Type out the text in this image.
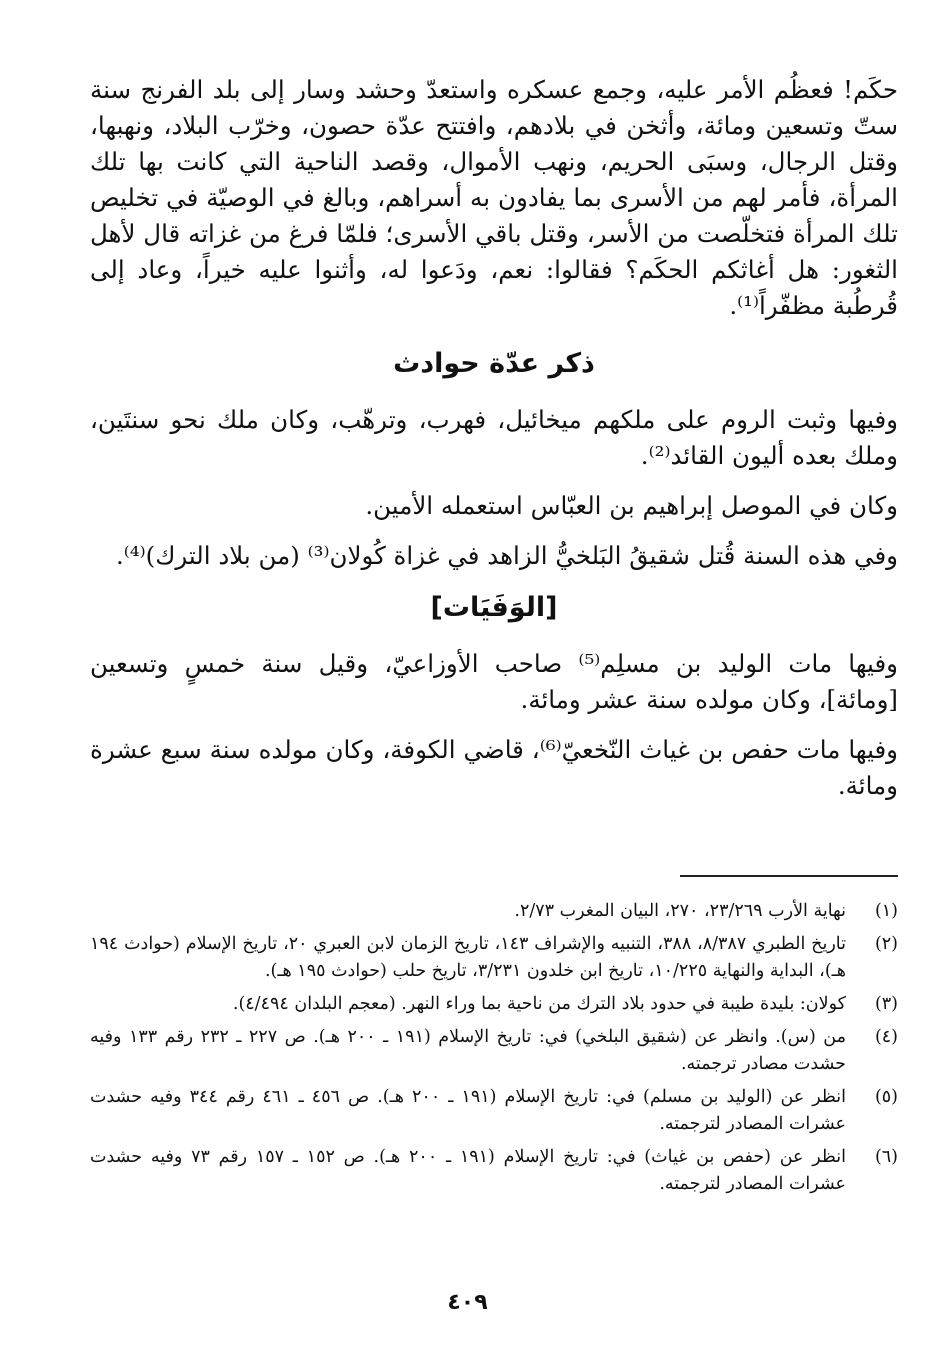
حكَم! فعظُم الأمر عليه، وجمع عسكره واستعدّ وحشد وسار إلى بلد الفرنج سنة ستّ وتسعين ومائة، وأثخن في بلادهم، وافتتح عدّة حصون، وخرّب البلاد، ونهبها، وقتل الرجال، وسبَى الحريم، ونهب الأموال، وقصد الناحية التي كانت بها تلك المرأة، فأمر لهم من الأسرى بما يفادون به أسراهم، وبالغ في الوصيّة في تخليص تلك المرأة فتخلّصت من الأسر، وقتل باقي الأسرى؛ فلمّا فرغ من غزاته قال لأهل الثغور: هل أغاثكم الحكَم؟ فقالوا: نعم، ودَعوا له، وأثنوا عليه خيراً، وعاد إلى قُرطُبة مظفّراً⁽¹⁾.

ذكر عدّة حوادث

وفيها وثبت الروم على ملكهم ميخائيل، فهرب، وترهّب، وكان ملك نحو سنتَين، وملك بعده أليون القائد⁽²⁾.

وكان في الموصل إبراهيم بن العبّاس استعمله الأمين.

وفي هذه السنة قُتل شقيقُ البَلخيُّ الزاهد في غزاة كُولان⁽³⁾ (من بلاد الترك)⁽⁴⁾.

[الوَفَيَات]

وفيها مات الوليد بن مسلِم⁽⁵⁾ صاحب الأوزاعيّ، وقيل سنة خمسٍ وتسعين [ومائة]، وكان مولده سنة عشر ومائة.

وفيها مات حفص بن غياث النّخعيّ⁽⁶⁾، قاضي الكوفة، وكان مولده سنة سبع عشرة ومائة.

(١)
نهاية الأرب ٢٣/٢٦٩، ٢٧٠، البيان المغرب ٢/٧٣.
(٢)
تاريخ الطبري ٨/٣٨٧، ٣٨٨، التنبيه والإشراف ١٤٣، تاريخ الزمان لابن العبري ٢٠، تاريخ الإسلام (حوادث ١٩٤ هـ)، البداية والنهاية ١٠/٢٢٥، تاريخ ابن خلدون ٣/٢٣١، تاريخ حلب (حوادث ١٩٥ هـ).
(٣)
كولان: بليدة طيبة في حدود بلاد الترك من ناحية بما وراء النهر. (معجم البلدان ٤/٤٩٤).
(٤)
من (س). وانظر عن (شقيق البلخي) في: تاريخ الإسلام (١٩١ ـ ٢٠٠ هـ). ص ٢٢٧ ـ ٢٣٢ رقم ١٣٣ وفيه حشدت مصادر ترجمته.
(٥)
انظر عن (الوليد بن مسلم) في: تاريخ الإسلام (١٩١ ـ ٢٠٠ هـ). ص ٤٥٦ ـ ٤٦١ رقم ٣٤٤ وفيه حشدت عشرات المصادر لترجمته.
(٦)
انظر عن (حفص بن غياث) في: تاريخ الإسلام (١٩١ ـ ٢٠٠ هـ). ص ١٥٢ ـ ١٥٧ رقم ٧٣ وفيه حشدت عشرات المصادر لترجمته.
٤٠٩
